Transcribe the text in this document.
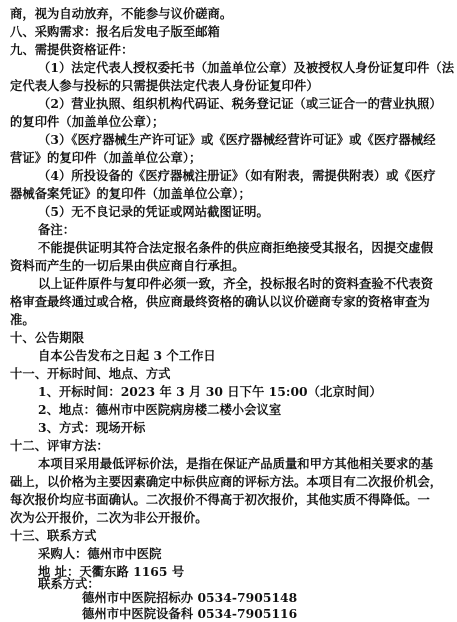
商，视为自动放弃，不能参与议价磋商。
八、采购需求：报名后发电子版至邮箱
九、需提供资格证件：
（1）法定代表人授权委托书（加盖单位公章）及被授权人身份证复印件（法
定代表人参与投标的只需提供法定代表人身份证复印件）
（2）营业执照、组织机构代码证、税务登记证（或三证合一的营业执照）
的复印件（加盖单位公章）；
（3）《医疗器械生产许可证》或《医疗器械经营许可证》或《医疗器械经
营证》的复印件（加盖单位公章）；
（4）所投设备的《医疗器械注册证》（如有附表，需提供附表）或《医疗
器械备案凭证》的复印件（加盖单位公章）；
（5）无不良记录的凭证或网站截图证明。
备注：
不能提供证明其符合法定报名条件的供应商拒绝接受其报名，因提交虚假
资料而产生的一切后果由供应商自行承担。
以上证件原件与复印件必须一致，齐全，投标报名时的资料查验不代表资
格审查最终通过或合格，供应商最终资格的确认以议价磋商专家的资格审查为
准。
十、公告期限
自本公告发布之日起 3 个工作日
十一、开标时间、地点、方式
1、开标时间：2023 年 3 月 30 日下午 15:00（北京时间）
2、地点：德州市中医院病房楼二楼小会议室
3、方式：现场开标
十二、评审方法：
本项目采用最低评标价法，是指在保证产品质量和甲方其他相关要求的基
础上，以价格为主要因素确定中标供应商的评标方法。本项目有二次报价机会，
每次报价均应书面确认。二次报价不得高于初次报价，其他实质不得降低。一
次为公开报价，二次为非公开报价。
十三、联系方式
采购人：德州市中医院
地 址：天衢东路 1165 号
联系方式：
德州市中医院招标办 0534-7905148
德州市中医院设备科 0534-7905116
